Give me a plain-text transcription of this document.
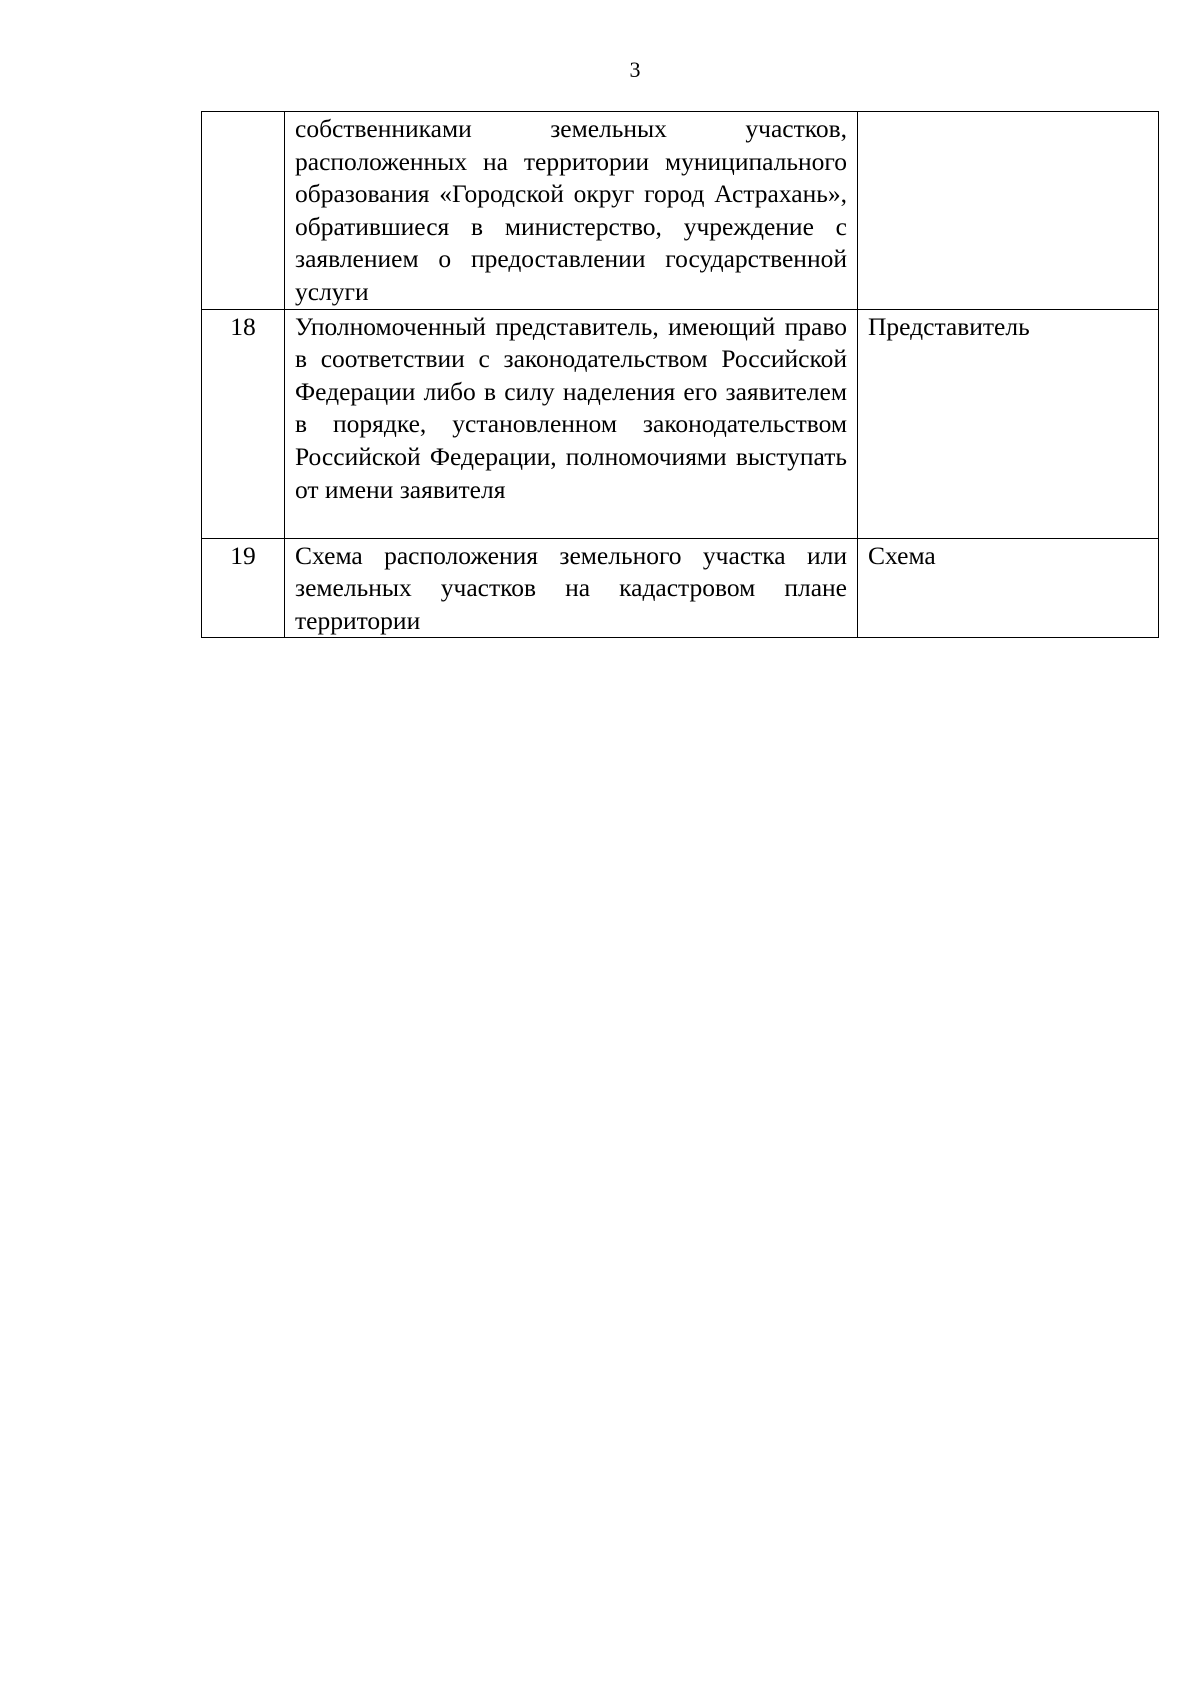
3
	собственниками земельных участков, расположенных на территории муниципального образования «Городской округ город Астрахань», обратившиеся в министерство, учреждение с заявлением о предоставлении государственной услуги	
18	Уполномоченный представитель, имеющий право в соответствии с законодательством Российской Федерации либо в силу наделения его заявителем в порядке, установленном законодательством Российской Федерации, полномочиями выступать от имени заявителя	Представитель
19	Схема расположения земельного участка или земельных участков на кадастровом плане территории	Схема
